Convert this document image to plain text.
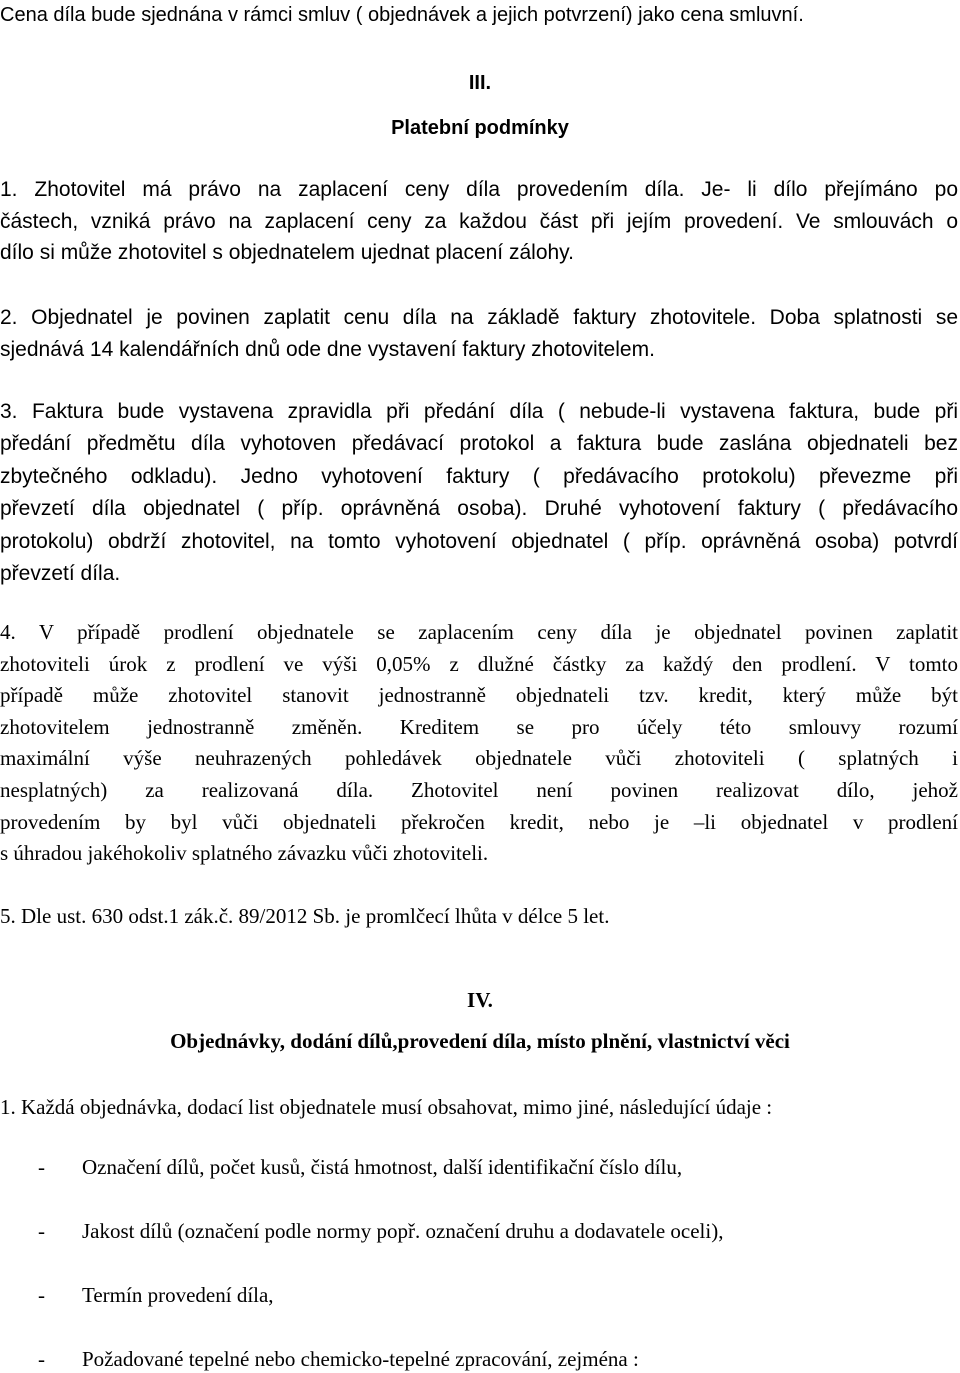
Cena díla bude sjednána v rámci smluv ( objednávek a jejich potvrzení) jako cena smluvní.

III.

Platební podmínky

1. Zhotovitel má právo na zaplacení ceny díla provedením díla. Je- li dílo přejímáno po
částech, vzniká právo na zaplacení ceny za každou část při jejím provedení. Ve smlouvách o
dílo si může zhotovitel s objednatelem ujednat placení zálohy.
2. Objednatel je povinen zaplatit cenu díla na základě faktury zhotovitele. Doba splatnosti se
sjednává 14 kalendářních dnů ode dne vystavení faktury zhotovitelem.
3. Faktura bude vystavena zpravidla při předání díla ( nebude-li vystavena faktura, bude při
předání předmětu díla vyhotoven předávací protokol a faktura bude zaslána objednateli bez
zbytečného odkladu). Jedno vyhotovení faktury ( předávacího protokolu) převezme při
převzetí díla objednatel ( příp. oprávněná osoba). Druhé vyhotovení faktury ( předávacího
protokolu) obdrží zhotovitel, na tomto vyhotovení objednatel ( příp. oprávněná osoba) potvrdí
převzetí díla.
4. V případě prodlení objednatele se zaplacením ceny díla je objednatel povinen zaplatit
zhotoviteli úrok z prodlení ve výši 0,05% z dlužné částky za každý den prodlení. V tomto
případě může zhotovitel stanovit jednostranně objednateli tzv. kredit, který může být
zhotovitelem jednostranně změněn. Kreditem se pro účely této smlouvy rozumí
maximální výše neuhrazených pohledávek objednatele vůči zhotoviteli ( splatných i
nesplatných) za realizovaná díla. Zhotovitel není povinen realizovat dílo, jehož
provedením by byl vůči objednateli překročen kredit, nebo je –li objednatel v prodlení
s úhradou jakéhokoliv splatného závazku vůči zhotoviteli.

5. Dle ust. 630 odst.1 zák.č. 89/2012 Sb. je promlčecí lhůta v délce 5 let.

IV.

Objednávky, dodání dílů,provedení díla, místo plnění, vlastnictví věci

1. Každá objednávka, dodací list objednatele musí obsahovat, mimo jiné, následující údaje :

- Označení dílů, počet kusů, čistá hmotnost, další identifikační číslo dílu,

- Jakost dílů (označení podle normy popř. označení druhu a dodavatele oceli),

- Termín provedení díla,

- Požadované tepelné nebo chemicko-tepelné zpracování, zejména :
